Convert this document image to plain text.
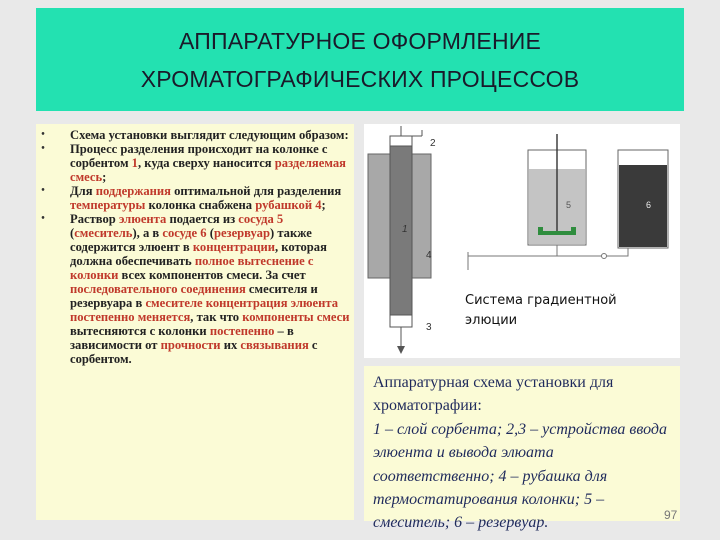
АППАРАТУРНОЕ ОФОРМЛЕНИЕ
ХРОМАТОГРАФИЧЕСКИХ ПРОЦЕССОВ
•	Схема установки выглядит следующим образом:
•	Процесс разделения происходит на колонке с сорбентом 1, куда сверху наносится разделяемая смесь;
•	Для поддержания оптимальной для разделения температуры колонка снабжена рубашкой 4;
•	Раствор элюента подается из сосуда 5 (смеситель), а в сосуде 6 (резервуар) также содержится элюент в концентрации, которая должна обеспечивать полное вытеснение с колонки всех компонентов смеси. За счет последовательного соединения смесителя и резервуара в смесителе концентрация элюента постепенно меняется, так что компоненты смеси вытесняются с колонки постепенно – в зависимости от прочности их связывания с сорбентом.
2
1
4
3
5	6
Система градиентной
элюции
Аппаратурная схема установки для хроматографии:
1 – слой сорбента; 2,3 – устройства ввода элюента и вывода элюата соответственно; 4 – рубашка для термостатирования колонки; 5 – смеситель; 6 – резервуар.	97
